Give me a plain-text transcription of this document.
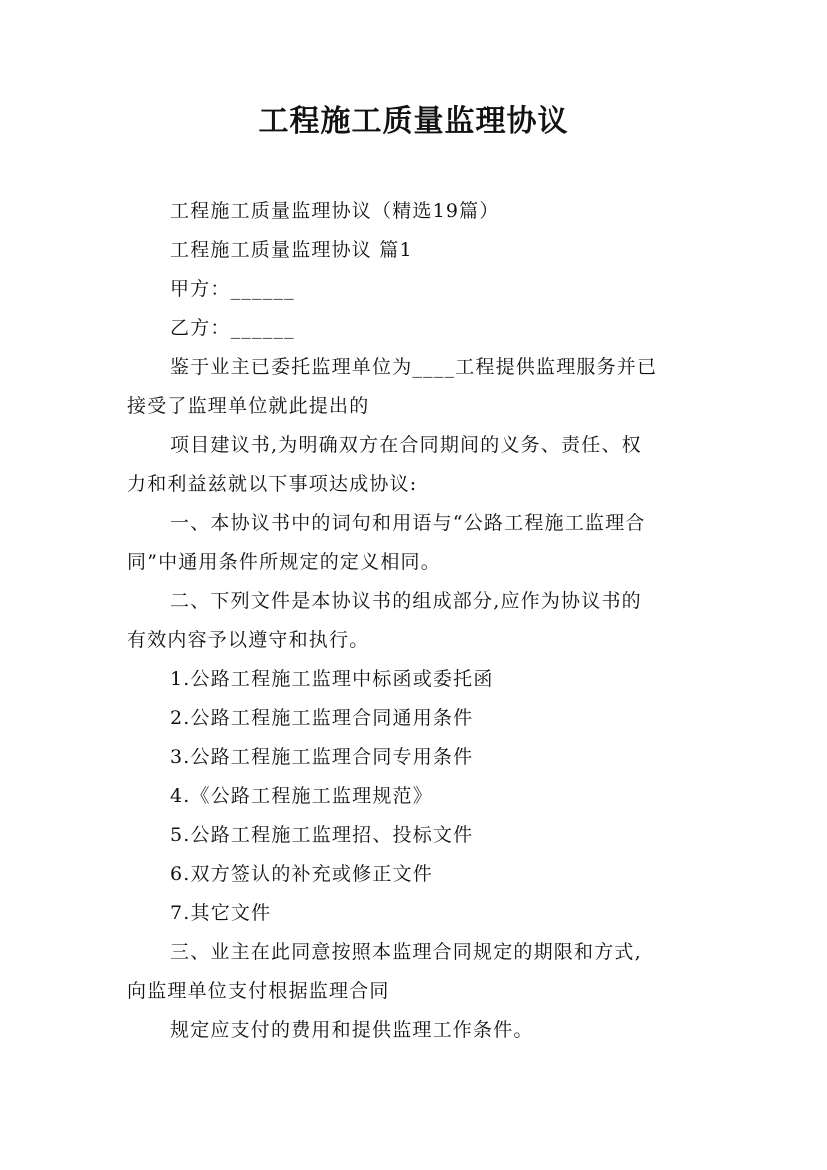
工程施工质量监理协议

工程施工质量监理协议（精选19篇）

工程施工质量监理协议 篇1

甲方：______

乙方：______

鉴于业主已委托监理单位为____工程提供监理服务并已

接受了监理单位就此提出的

项目建议书,为明确双方在合同期间的义务、责任、权

力和利益兹就以下事项达成协议:

一、本协议书中的词句和用语与“公路工程施工监理合

同”中通用条件所规定的定义相同。

二、下列文件是本协议书的组成部分,应作为协议书的

有效内容予以遵守和执行。

1.公路工程施工监理中标函或委托函

2.公路工程施工监理合同通用条件

3.公路工程施工监理合同专用条件

4.《公路工程施工监理规范》

5.公路工程施工监理招、投标文件

6.双方签认的补充或修正文件

7.其它文件

三、业主在此同意按照本监理合同规定的期限和方式,

向监理单位支付根据监理合同

规定应支付的费用和提供监理工作条件。
